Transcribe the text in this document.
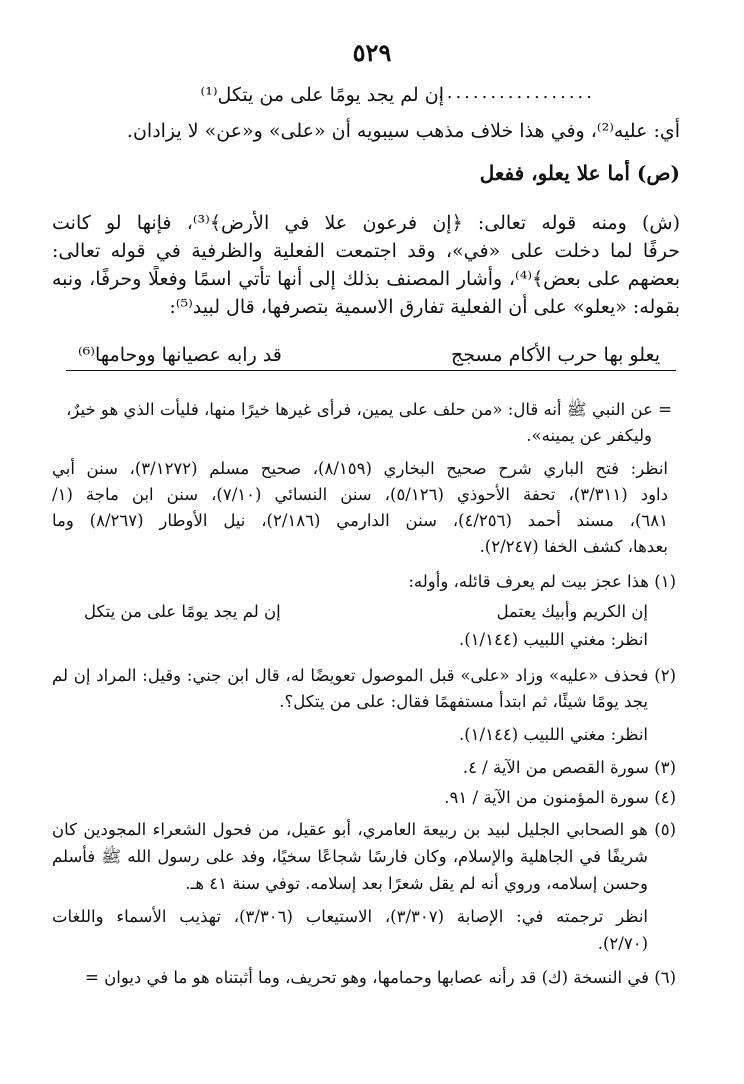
٥٢٩
..................
إن لم يجد يومًا على من يتكل⁽¹⁾
أي: عليه⁽²⁾، وفي هذا خلاف مذهب سيبويه أن «على» و«عن» لا يزادان.
(ص) أما علا يعلو، ففعل
(ش) ومنه قوله تعالى: ﴿إن فرعون علا في الأرض﴾⁽³⁾، فإنها لو كانت
حرفًا لما دخلت على «في»، وقد اجتمعت الفعلية والظرفية في قوله تعالى:
بعضهم على بعض﴾⁽⁴⁾، وأشار المصنف بذلك إلى أنها تأتي اسمًا وفعلًا وحرفًا، ونبه
بقوله: «يعلو» على أن الفعلية تفارق الاسمية بتصرفها، قال لبيد⁽⁵⁾:
يعلو بها حرب الأكام مسجج
قد رابه عصيانها ووحامها⁽⁶⁾
= عن النبي ﷺ أنه قال: «من حلف على يمين، فرأى غيرها خيرًا منها، فليأت الذي هو خيرٌ،
وليكفر عن يمينه».
انظر: فتح الباري شرح صحيح البخاري (٨/١٥٩)، صحيح مسلم (٣/١٢٧٢)، سنن أبي
داود (٣/٣١١)، تحفة الأحوذي (٥/١٢٦)، سنن النسائي (٧/١٠)، سنن ابن ماجة (١/
٦٨١)، مسند أحمد (٤/٢٥٦)، سنن الدارمي (٢/١٨٦)، نيل الأوطار (٨/٢٦٧) وما
بعدها، كشف الخفا (٢/٢٤٧).
(١) هذا عجز بيت لم يعرف قائله، وأوله:
إن الكريم وأبيك يعتمل
إن لم يجد يومًا على من يتكل
انظر: مغني اللبيب (١/١٤٤).
(٢) فحذف «عليه» وزاد «على» قبل الموصول تعويضًا له، قال ابن جني: وقيل: المراد إن لم
يجد يومًا شيئًا، ثم ابتدأ مستفهمًا فقال: على من يتكل؟.
انظر: مغني اللبيب (١/١٤٤).
(٣) سورة القصص من الآية / ٤.
(٤) سورة المؤمنون من الآية / ٩١.
(٥) هو الصحابي الجليل لبيد بن ربيعة العامري، أبو عقيل، من فحول الشعراء المجودين كان
شريفًا في الجاهلية والإسلام، وكان فارسًا شجاعًا سخيًا، وفد على رسول الله ﷺ فأسلم
وحسن إسلامه، وروي أنه لم يقل شعرًا بعد إسلامه. توفي سنة ٤١ هـ.
انظر ترجمته في: الإصابة (٣/٣٠٧)، الاستيعاب (٣/٣٠٦)، تهذيب الأسماء واللغات
(٢/٧٠).
(٦) في النسخة (ك) قد رأنه عصابها وحمامها، وهو تحريف، وما أثبتناه هو ما في ديوان =
